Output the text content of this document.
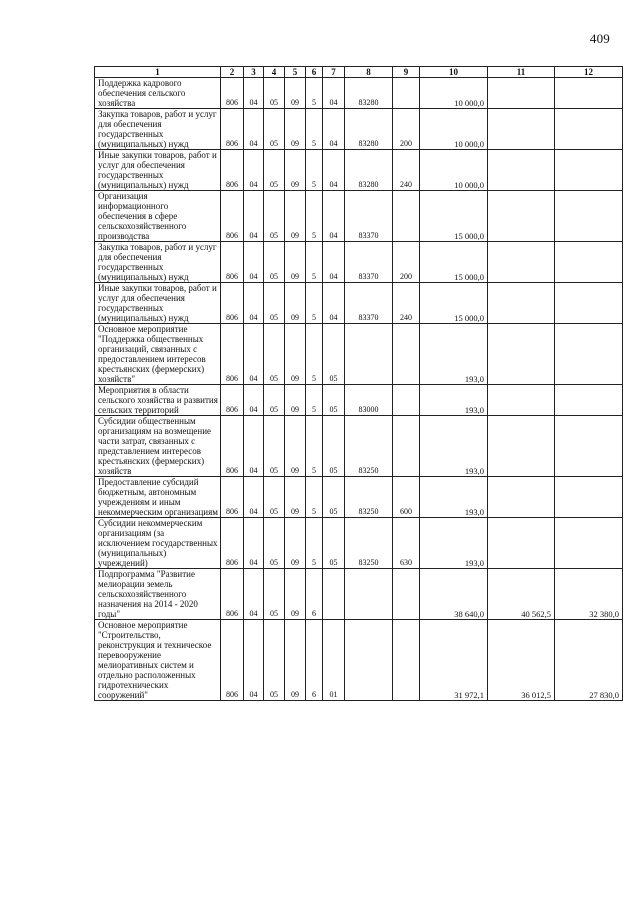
409
1	2	3	4	5	6	7	8	9	10	11	12
Поддержка кадрового обеспечения сельского хозяйства	806	04	05	09	5	04	83280		10 000,0		
Закупка товаров, работ и услуг для обеспечения государственных (муниципальных) нужд	806	04	05	09	5	04	83280	200	10 000,0		
Иные закупки товаров, работ и услуг для обеспечения государственных (муниципальных) нужд	806	04	05	09	5	04	83280	240	10 000,0		
Организация информационного обеспечения в сфере сельскохозяйственного производства	806	04	05	09	5	04	83370		15 000,0		
Закупка товаров, работ и услуг для обеспечения государственных (муниципальных) нужд	806	04	05	09	5	04	83370	200	15 000,0		
Иные закупки товаров, работ и услуг для обеспечения государственных (муниципальных) нужд	806	04	05	09	5	04	83370	240	15 000,0		
Основное мероприятие "Поддержка общественных организаций, связанных с предоставлением интересов крестьянских (фермерских) хозяйств"	806	04	05	09	5	05			193,0		
Мероприятия в области сельского хозяйства и развития сельских территорий	806	04	05	09	5	05	83000		193,0		
Субсидии общественным организациям на возмещение части затрат, связанных с представлением интересов крестьянских (фермерских) хозяйств	806	04	05	09	5	05	83250		193,0		
Предоставление субсидий бюджетным, автономным учреждениям и иным некоммерческим организациям	806	04	05	09	5	05	83250	600	193,0		
Субсидии некоммерческим организациям (за исключением государственных (муниципальных) учреждений)	806	04	05	09	5	05	83250	630	193,0		
Подпрограмма "Развитие мелиорации земель сельскохозяйственного назначения на 2014 - 2020 годы"	806	04	05	09	6				38 640,0	40 562,5	32 380,0
Основное мероприятие "Строительство, реконструкция и техническое перевооружение мелиоративных систем и отдельно расположенных гидротехнических сооружений"	806	04	05	09	6	01			31 972,1	36 012,5	27 830,0
